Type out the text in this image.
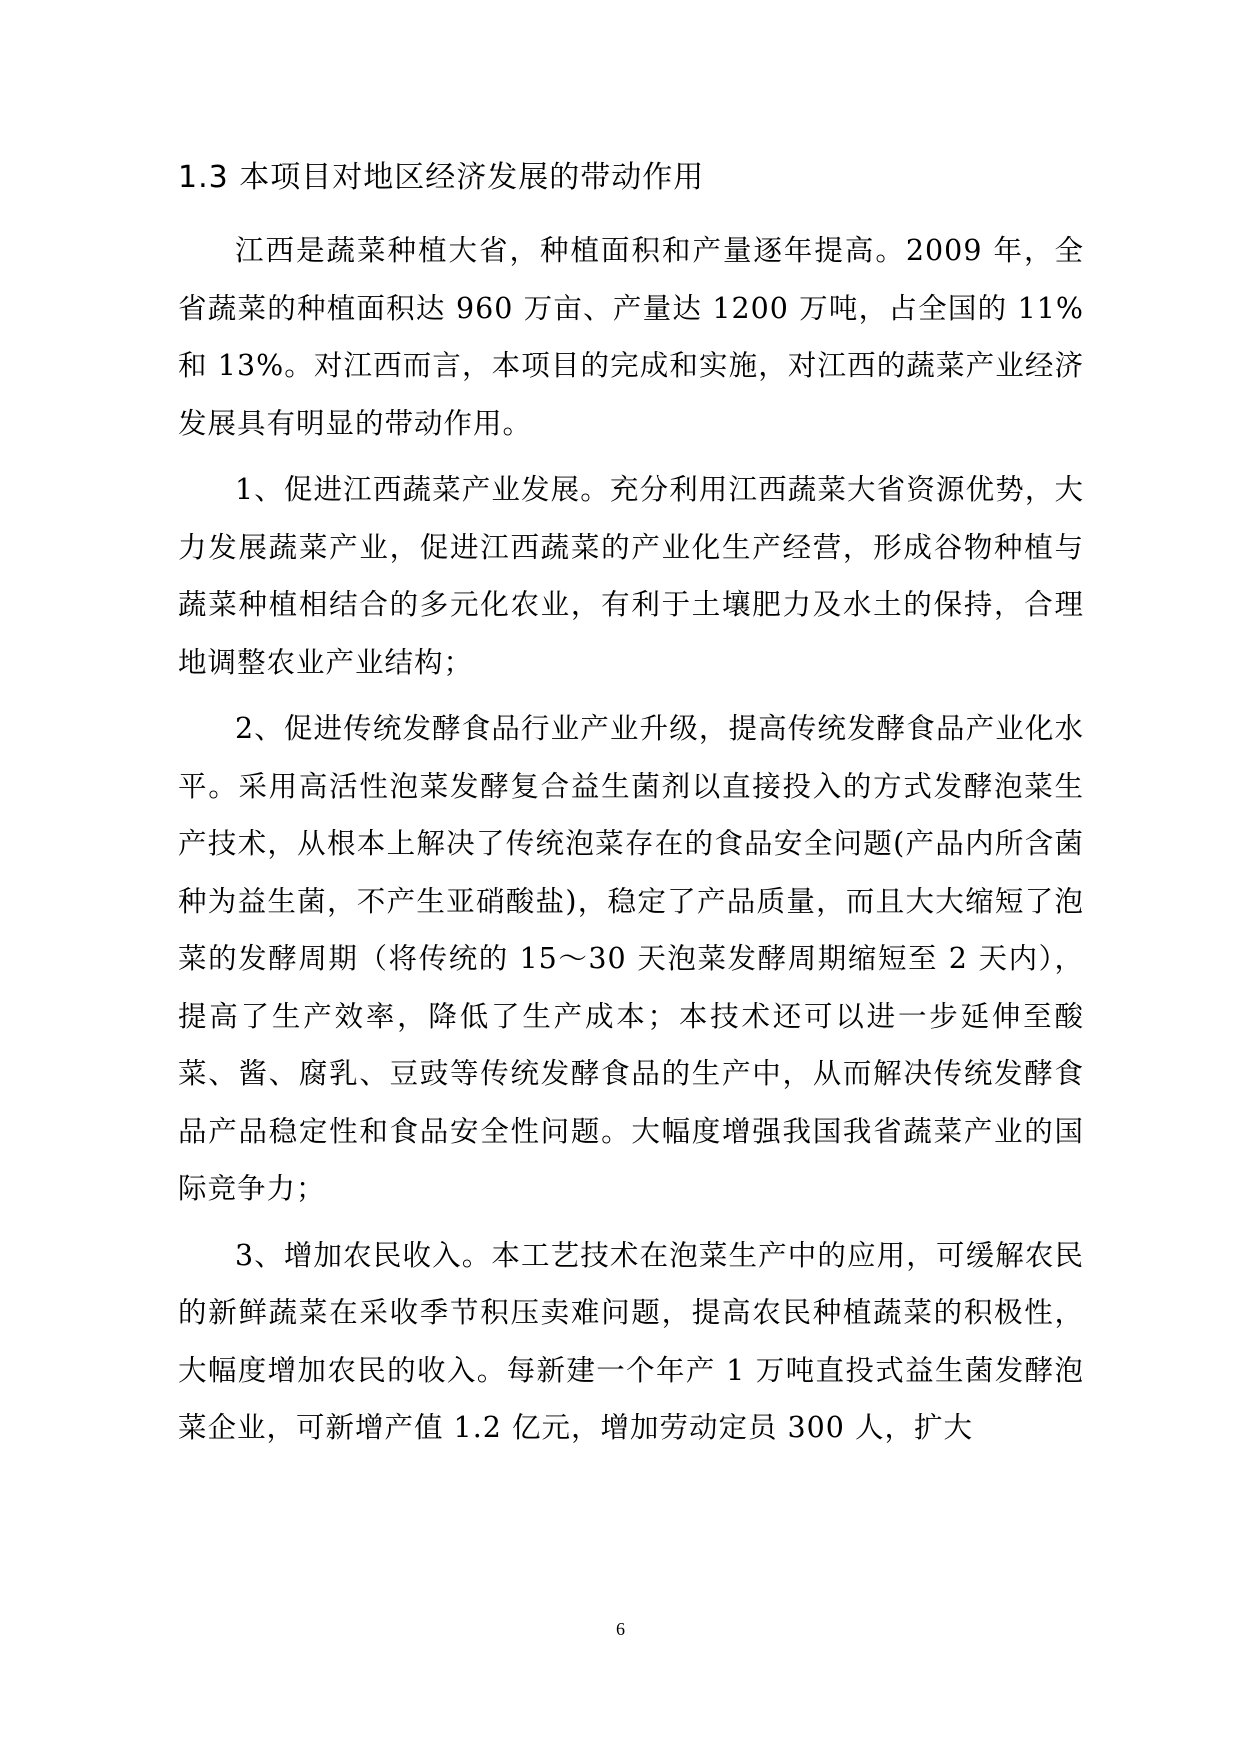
1.3 本项目对地区经济发展的带动作用

江西是蔬菜种植大省，种植面积和产量逐年提高。2009 年，全省蔬菜的种植面积达 960 万亩、产量达 1200 万吨，占全国的 11%和 13%。对江西而言，本项目的完成和实施，对江西的蔬菜产业经济发展具有明显的带动作用。

1、促进江西蔬菜产业发展。充分利用江西蔬菜大省资源优势，大力发展蔬菜产业，促进江西蔬菜的产业化生产经营，形成谷物种植与蔬菜种植相结合的多元化农业，有利于土壤肥力及水土的保持，合理地调整农业产业结构；

2、促进传统发酵食品行业产业升级，提高传统发酵食品产业化水平。采用高活性泡菜发酵复合益生菌剂以直接投入的方式发酵泡菜生产技术，从根本上解决了传统泡菜存在的食品安全问题(产品内所含菌种为益生菌，不产生亚硝酸盐)，稳定了产品质量，而且大大缩短了泡菜的发酵周期（将传统的 15～30 天泡菜发酵周期缩短至 2 天内），提高了生产效率，降低了生产成本；本技术还可以进一步延伸至酸菜、酱、腐乳、豆豉等传统发酵食品的生产中，从而解决传统发酵食品产品稳定性和食品安全性问题。大幅度增强我国我省蔬菜产业的国际竞争力；

3、增加农民收入。本工艺技术在泡菜生产中的应用，可缓解农民的新鲜蔬菜在采收季节积压卖难问题，提高农民种植蔬菜的积极性，大幅度增加农民的收入。每新建一个年产 1 万吨直投式益生菌发酵泡菜企业，可新增产值 1.2 亿元，增加劳动定员 300 人，扩大

6
